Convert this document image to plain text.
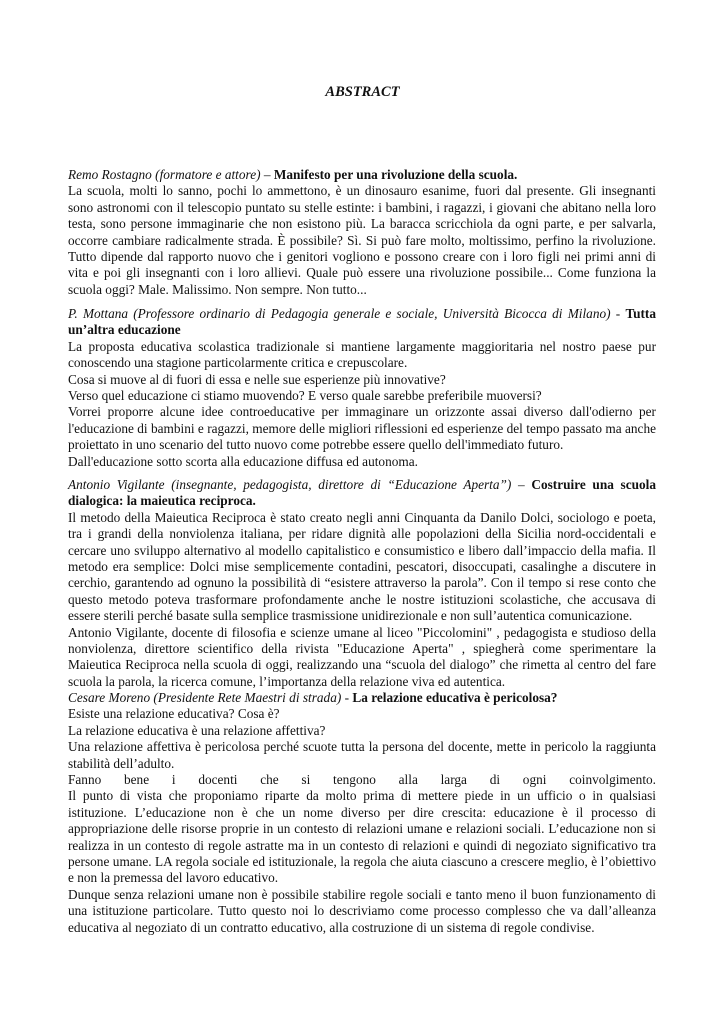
ABSTRACT

Remo Rostagno (formatore e attore) – Manifesto per una rivoluzione della scuola.

La scuola, molti lo sanno, pochi lo ammettono, è un dinosauro esanime, fuori dal presente. Gli insegnanti sono astronomi con il telescopio puntato su stelle estinte: i bambini, i ragazzi, i giovani che abitano nella loro testa, sono persone immaginarie che non esistono più. La baracca scricchiola da ogni parte, e per salvarla, occorre cambiare radicalmente strada. È possibile? Sì. Si può fare molto, moltissimo, perfino la rivoluzione. Tutto dipende dal rapporto nuovo che i genitori vogliono e possono creare con i loro figli nei primi anni di vita e poi gli insegnanti con i loro allievi. Quale può essere una rivoluzione possibile... Come funziona la scuola oggi? Male. Malissimo. Non sempre. Non tutto...

P. Mottana (Professore ordinario di Pedagogia generale e sociale, Università Bicocca di Milano) - Tutta un’altra educazione

La proposta educativa scolastica tradizionale si mantiene largamente maggioritaria nel nostro paese pur conoscendo una stagione particolarmente critica e crepuscolare.

Cosa si muove al di fuori di essa e nelle sue esperienze più innovative?

Verso quel educazione ci stiamo muovendo? E verso quale sarebbe preferibile muoversi?

Vorrei proporre alcune idee controeducative per immaginare un orizzonte assai diverso dall'odierno per l'educazione di bambini e ragazzi, memore delle migliori riflessioni ed esperienze del tempo passato ma anche proiettato in uno scenario del tutto nuovo come potrebbe essere quello dell'immediato futuro.

Dall'educazione sotto scorta alla educazione diffusa ed autonoma.

Antonio Vigilante (insegnante, pedagogista, direttore di “Educazione Aperta”) – Costruire una scuola dialogica: la maieutica reciproca.

Il metodo della Maieutica Reciproca è stato creato negli anni Cinquanta da Danilo Dolci, sociologo e poeta, tra i grandi della nonviolenza italiana, per ridare dignità alle popolazioni della Sicilia nord-occidentali e cercare uno sviluppo alternativo al modello capitalistico e consumistico e libero dall’impaccio della mafia. Il metodo era semplice: Dolci mise semplicemente contadini, pescatori, disoccupati, casalinghe a discutere in cerchio, garantendo ad ognuno la possibilità di “esistere attraverso la parola”. Con il tempo si rese conto che questo metodo poteva trasformare profondamente anche le nostre istituzioni scolastiche, che accusava di essere sterili perché basate sulla semplice trasmissione unidirezionale e non sull’autentica comunicazione.

Antonio Vigilante, docente di filosofia e scienze umane al liceo "Piccolomini" , pedagogista e studioso della nonviolenza, direttore scientifico della rivista "Educazione Aperta" , spiegherà come sperimentare la Maieutica Reciproca nella scuola di oggi, realizzando una “scuola del dialogo” che rimetta al centro del fare scuola la parola, la ricerca comune, l’importanza della relazione viva ed autentica.

Cesare Moreno (Presidente Rete Maestri di strada) - La relazione educativa è pericolosa?

Esiste una relazione educativa? Cosa è?

La relazione educativa è una relazione affettiva?

Una relazione affettiva è pericolosa perché scuote tutta la persona del docente, mette in pericolo la raggiunta stabilità dell’adulto.

Fanno bene i docenti che si tengono alla larga di ogni coinvolgimento.

Il punto di vista che proponiamo riparte da molto prima di mettere piede in un ufficio o in qualsiasi istituzione. L’educazione non è che un nome diverso per dire crescita: educazione è il processo di appropriazione delle risorse proprie in un contesto di relazioni umane e relazioni sociali. L’educazione non si realizza in un contesto di regole astratte ma in un contesto di relazioni e quindi di negoziato significativo tra persone umane. LA regola sociale ed istituzionale, la regola che aiuta ciascuno a crescere meglio, è l’obiettivo e non la premessa del lavoro educativo.

Dunque senza relazioni umane non è possibile stabilire regole sociali e tanto meno il buon funzionamento di una istituzione particolare. Tutto questo noi lo descriviamo come processo complesso che va dall’alleanza educativa al negoziato di un contratto educativo, alla costruzione di un sistema di regole condivise.
